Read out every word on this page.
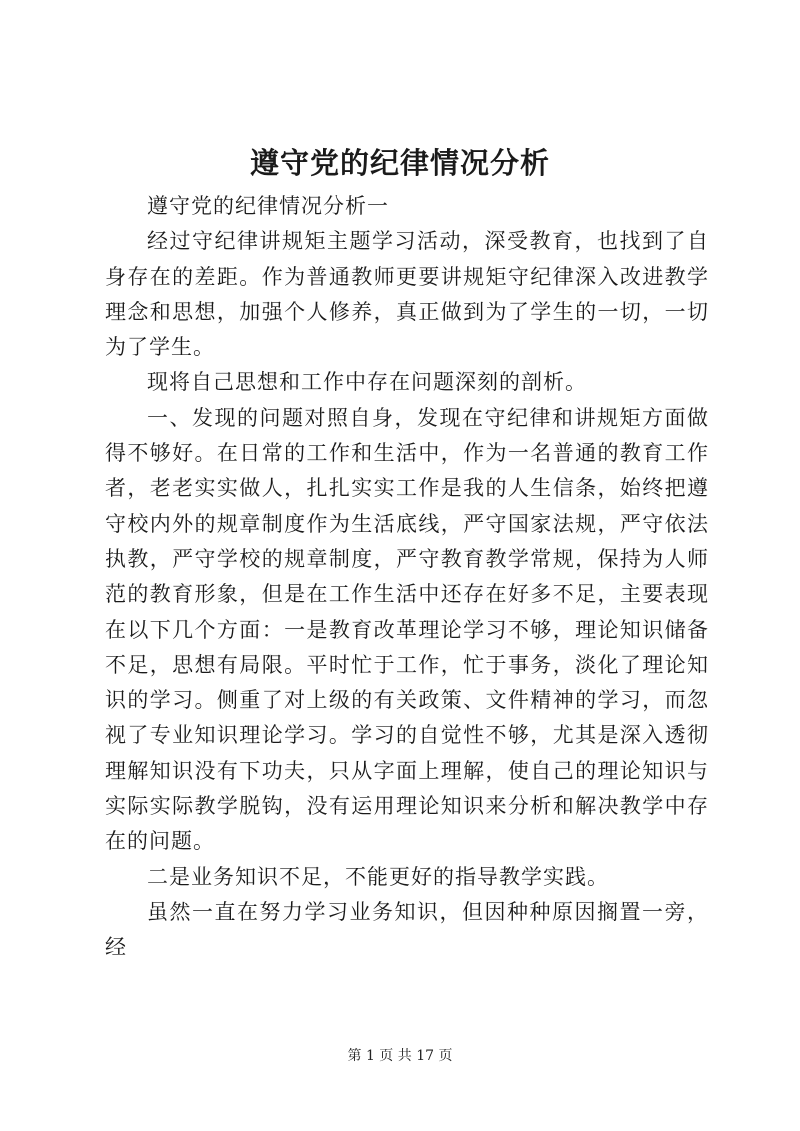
遵守党的纪律情况分析

遵守党的纪律情况分析一

经过守纪律讲规矩主题学习活动，深受教育，也找到了自身存在的差距。作为普通教师更要讲规矩守纪律深入改进教学理念和思想，加强个人修养，真正做到为了学生的一切，一切为了学生。

现将自己思想和工作中存在问题深刻的剖析。

一、发现的问题对照自身，发现在守纪律和讲规矩方面做得不够好。在日常的工作和生活中，作为一名普通的教育工作者，老老实实做人，扎扎实实工作是我的人生信条，始终把遵守校内外的规章制度作为生活底线，严守国家法规，严守依法执教，严守学校的规章制度，严守教育教学常规，保持为人师范的教育形象，但是在工作生活中还存在好多不足，主要表现在以下几个方面：一是教育改革理论学习不够，理论知识储备不足，思想有局限。平时忙于工作，忙于事务，淡化了理论知识的学习。侧重了对上级的有关政策、文件精神的学习，而忽视了专业知识理论学习。学习的自觉性不够，尤其是深入透彻理解知识没有下功夫，只从字面上理解，使自己的理论知识与实际实际教学脱钩，没有运用理论知识来分析和解决教学中存在的问题。

二是业务知识不足，不能更好的指导教学实践。

虽然一直在努力学习业务知识，但因种种原因搁置一旁，经

第 1 页 共 17 页
